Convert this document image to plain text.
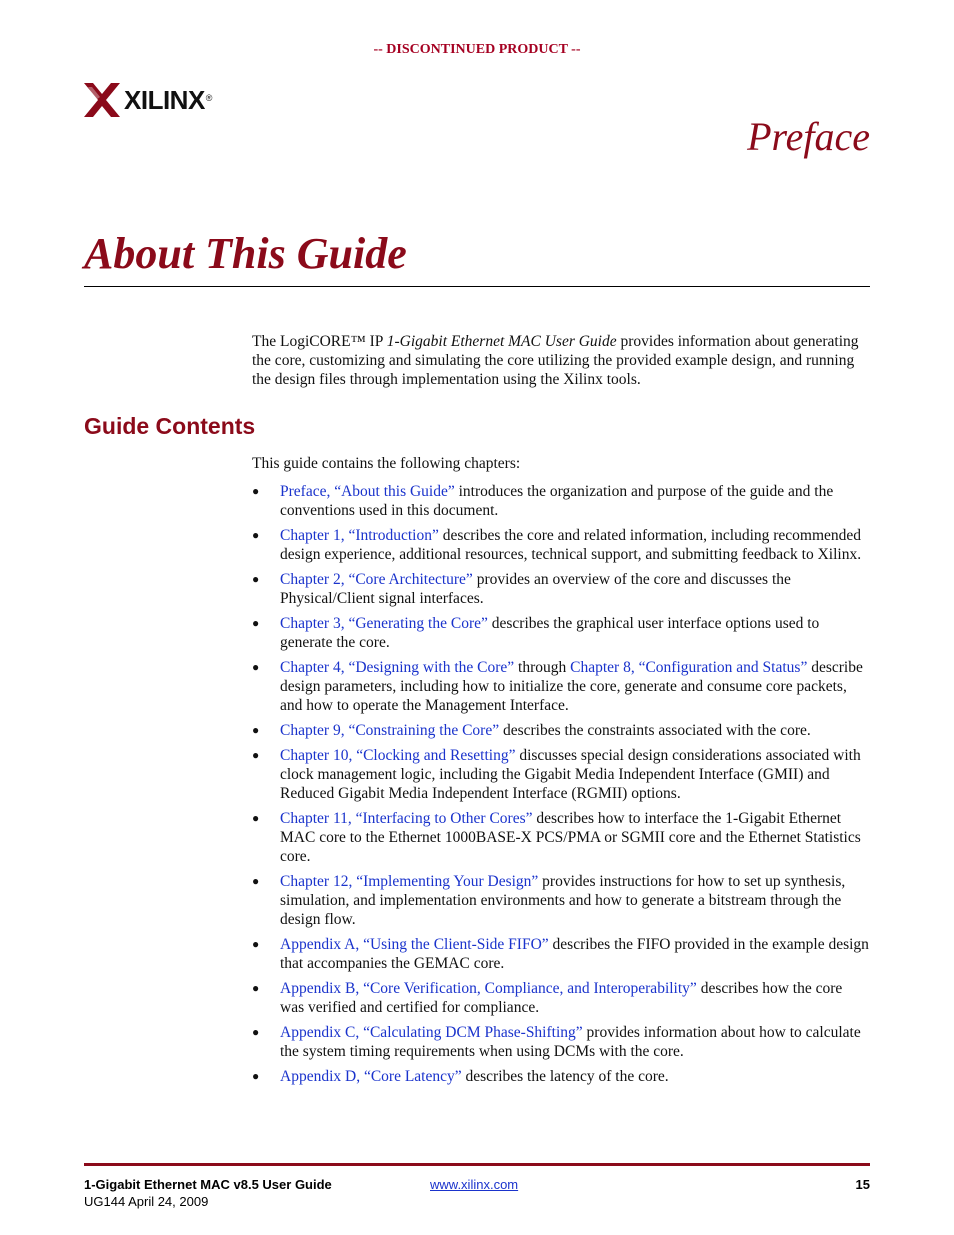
-- DISCONTINUED PRODUCT --
XILINX ®
Preface
About This Guide
The LogiCORE™ IP 1-Gigabit Ethernet MAC User Guide provides information about generating the core, customizing and simulating the core utilizing the provided example design, and running the design files through implementation using the Xilinx tools.
Guide Contents
This guide contains the following chapters:
● Preface, “About this Guide” introduces the organization and purpose of the guide and the conventions used in this document.
● Chapter 1, “Introduction” describes the core and related information, including recommended design experience, additional resources, technical support, and submitting feedback to Xilinx.
● Chapter 2, “Core Architecture” provides an overview of the core and discusses the Physical/Client signal interfaces.
● Chapter 3, “Generating the Core” describes the graphical user interface options used to generate the core.
● Chapter 4, “Designing with the Core” through Chapter 8, “Configuration and Status” describe design parameters, including how to initialize the core, generate and consume core packets, and how to operate the Management Interface.
● Chapter 9, “Constraining the Core” describes the constraints associated with the core.
● Chapter 10, “Clocking and Resetting” discusses special design considerations associated with clock management logic, including the Gigabit Media Independent Interface (GMII) and Reduced Gigabit Media Independent Interface (RGMII) options.
● Chapter 11, “Interfacing to Other Cores” describes how to interface the 1-Gigabit Ethernet MAC core to the Ethernet 1000BASE-X PCS/PMA or SGMII core and the Ethernet Statistics core.
● Chapter 12, “Implementing Your Design” provides instructions for how to set up synthesis, simulation, and implementation environments and how to generate a bitstream through the design flow.
● Appendix A, “Using the Client-Side FIFO” describes the FIFO provided in the example design that accompanies the GEMAC core.
● Appendix B, “Core Verification, Compliance, and Interoperability” describes how the core was verified and certified for compliance.
● Appendix C, “Calculating DCM Phase-Shifting” provides information about how to calculate the system timing requirements when using DCMs with the core.
● Appendix D, “Core Latency” describes the latency of the core.
1-Gigabit Ethernet MAC v8.5 User Guide
UG144 April 24, 2009
www.xilinx.com	15
